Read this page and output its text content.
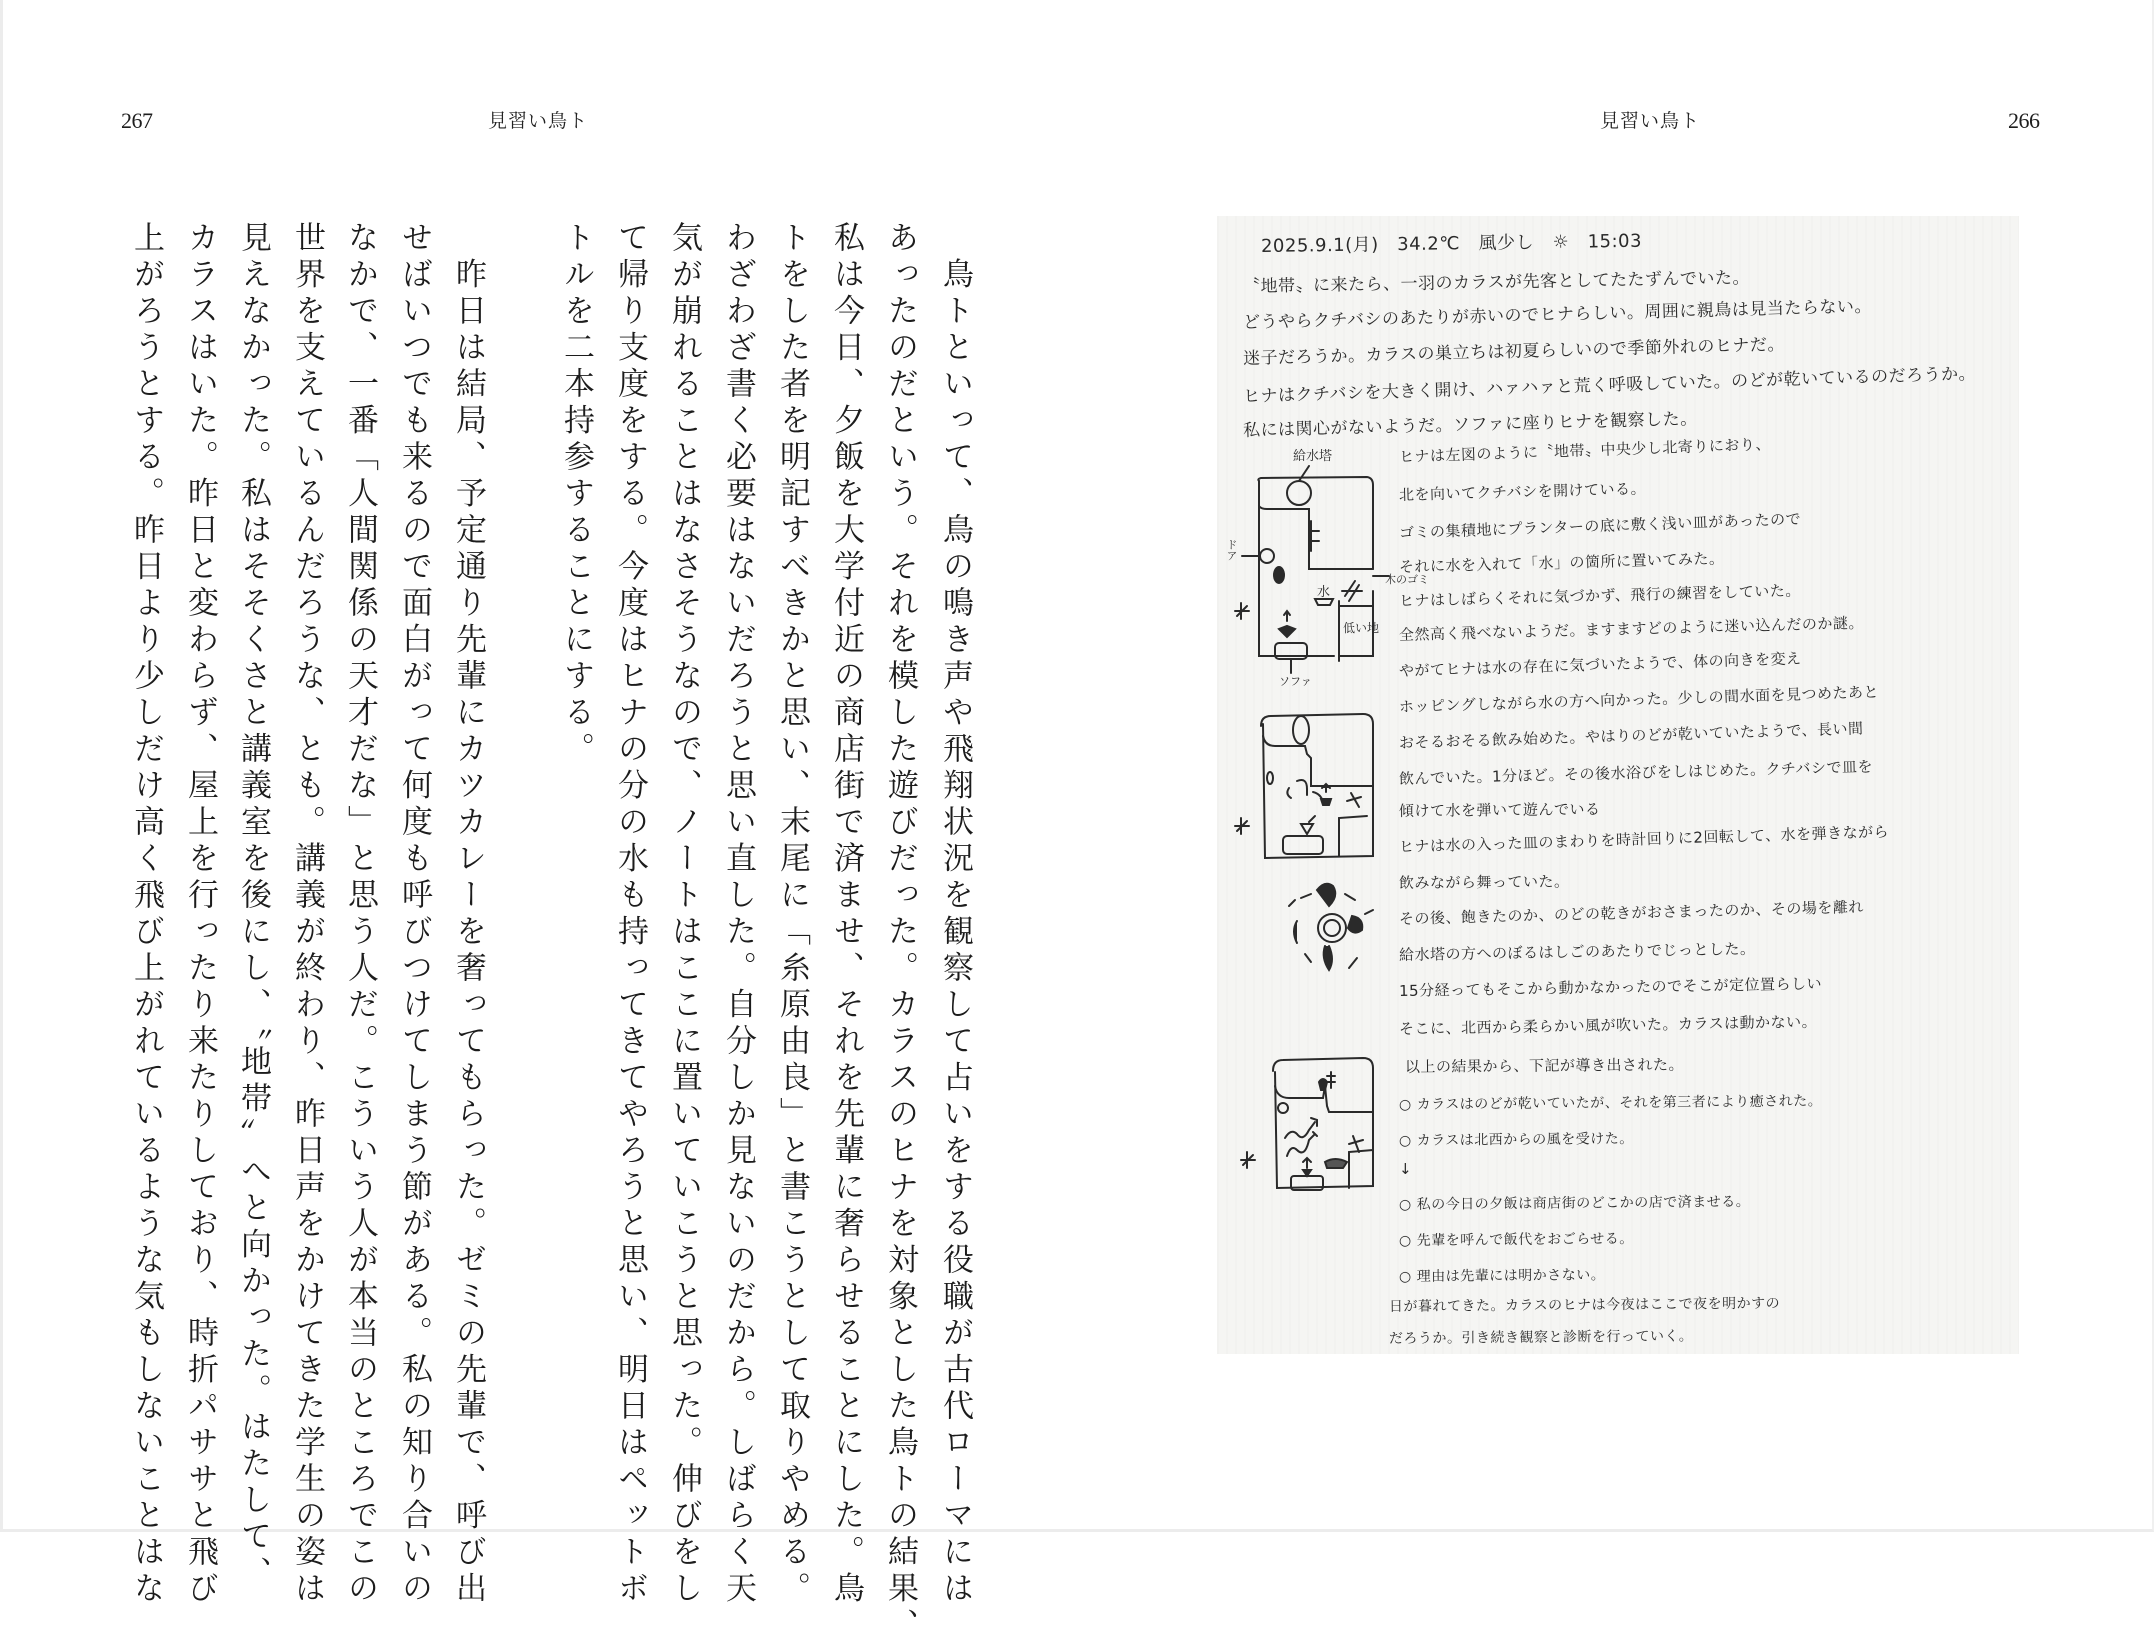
267	見習い鳥ト
　鳥トといって、鳥の鳴き声や飛翔状況を観察して占いをする役職が古代ローマには
あったのだという。それを模した遊びだった。カラスのヒナを対象とした鳥トの結果、
私は今日、夕飯を大学付近の商店街で済ませ、それを先輩に奢らせることにした。鳥
トをした者を明記すべきかと思い、末尾に「糸原由良」と書こうとして取りやめる。
わざわざ書く必要はないだろうと思い直した。自分しか見ないのだから。しばらく天
気が崩れることはなさそうなので、ノートはここに置いていこうと思った。伸びをし
て帰り支度をする。今度はヒナの分の水も持ってきてやろうと思い、明日はペットボ
トルを二本持参することにする。
　昨日は結局、予定通り先輩にカツカレーを奢ってもらった。ゼミの先輩で、呼び出
せばいつでも来るので面白がって何度も呼びつけてしまう節がある。私の知り合いの
なかで、一番「人間関係の天才だな」と思う人だ。こういう人が本当のところでこの
世界を支えているんだろうな、とも。講義が終わり、昨日声をかけてきた学生の姿は
見えなかった。私はそそくさと講義室を後にし、〝地帯〟へと向かった。はたして、
カラスはいた。昨日と変わらず、屋上を行ったり来たりしており、時折パササと飛び
上がろうとする。昨日より少しだけ高く飛び上がれているような気もしないことはな
見習い鳥ト	266
2025.9.1(月)　34.2℃　風少し　☼　15:03
〝地帯〟に来たら、一羽のカラスが先客としてたたずんでいた。
どうやらクチバシのあたりが赤いのでヒナらしい。周囲に親鳥は見当たらない。
迷子だろうか。カラスの巣立ちは初夏らしいので季節外れのヒナだ。
ヒナはクチバシを大きく開け、ハァハァと荒く呼吸していた。のどが乾いているのだろうか。
私には関心がないようだ。ソファに座りヒナを観察した。
ヒナは左図のように〝地帯〟中央少し北寄りにおり、
北を向いてクチバシを開けている。
ゴミの集積地にプランターの底に敷く浅い皿があったので
それに水を入れて「水」の箇所に置いてみた。
ヒナはしばらくそれに気づかず、飛行の練習をしていた。
全然高く飛べないようだ。ますますどのように迷い込んだのか謎。
やがてヒナは水の存在に気づいたようで、体の向きを変え
ホッピングしながら水の方へ向かった。少しの間水面を見つめたあと
おそるおそる飲み始めた。やはりのどが乾いていたようで、長い間
飲んでいた。1分ほど。その後水浴びをしはじめた。クチバシで皿を
傾けて水を弾いて遊んでいる
ヒナは水の入った皿のまわりを時計回りに2回転して、水を弾きながら
飲みながら舞っていた。
その後、飽きたのか、のどの乾きがおさまったのか、その場を離れ
給水塔の方へのぼるはしごのあたりでじっとした。
15分経ってもそこから動かなかったのでそこが定位置らしい
そこに、北西から柔らかい風が吹いた。カラスは動かない。
以上の結果から、下記が導き出された。
○ カラスはのどが乾いていたが、それを第三者により癒された。
○ カラスは北西からの風を受けた。
↓
○ 私の今日の夕飯は商店街のどこかの店で済ませる。
○ 先輩を呼んで飯代をおごらせる。
○ 理由は先輩には明かさない。
日が暮れてきた。カラスのヒナは今夜はここで夜を明かすの
だろうか。引き続き観察と診断を行っていく。
給水塔
ドア
水
木のゴミ
低い地
ソファ
